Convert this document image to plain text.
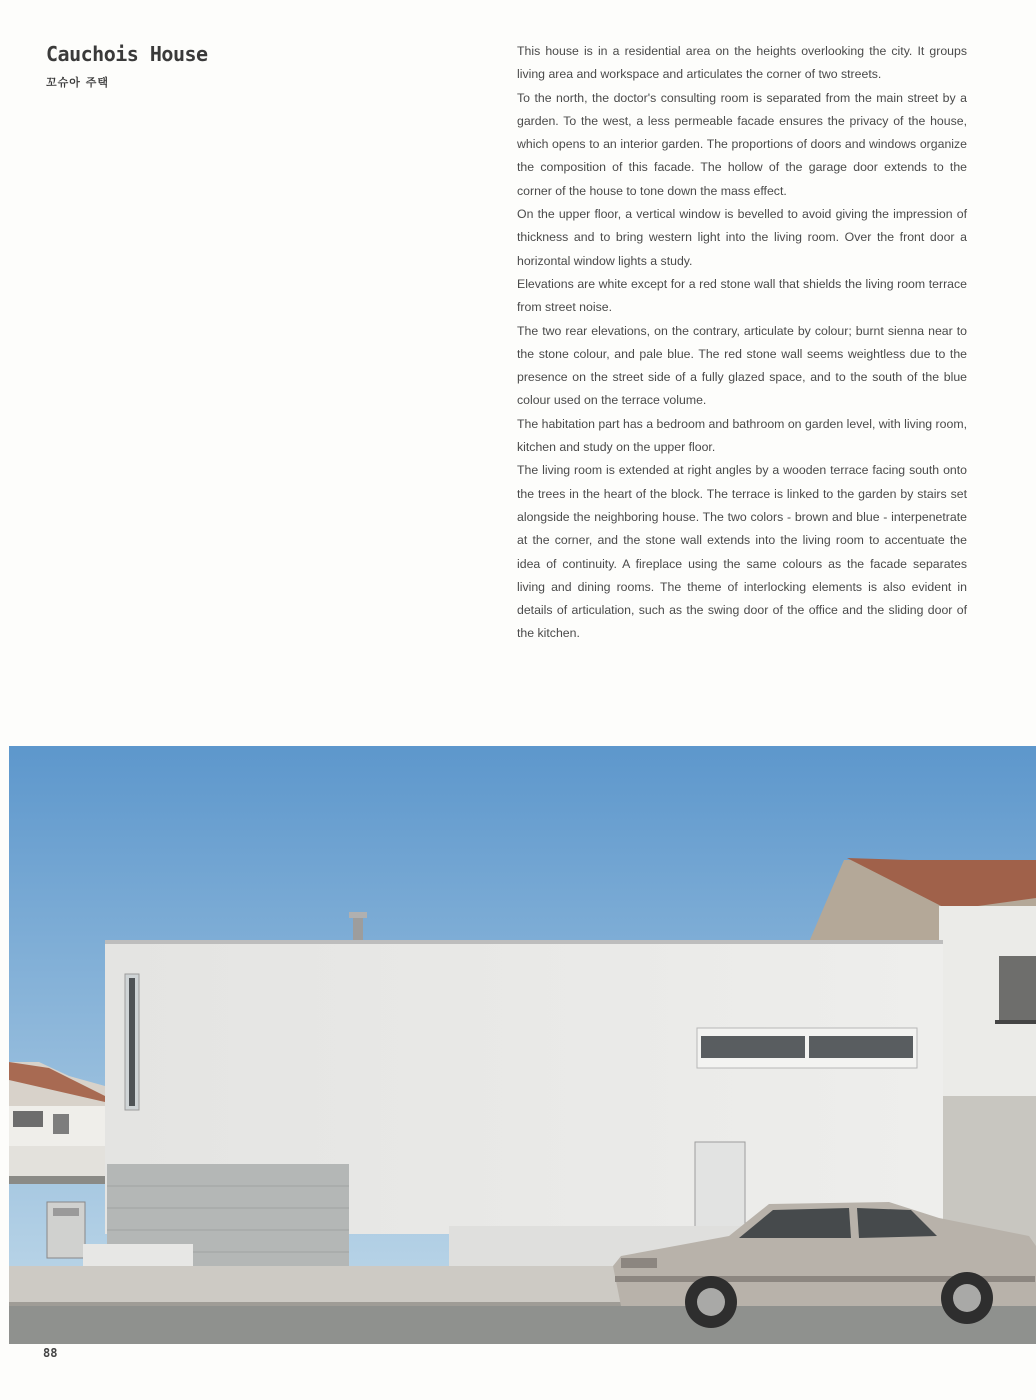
Cauchois House
꼬슈아 주택

This house is in a residential area on the heights overlooking the city. It groups living area and workspace and articulates the corner of two streets.

To the north, the doctor's consulting room is separated from the main street by a garden. To the west, a less permeable facade ensures the privacy of the house, which opens to an interior garden. The proportions of doors and windows organize the composition of this facade. The hollow of the garage door extends to the corner of the house to tone down the mass effect.

On the upper floor, a vertical window is bevelled to avoid giving the impression of thickness and to bring western light into the living room. Over the front door a horizontal window lights a study.

Elevations are white except for a red stone wall that shields the living room terrace from street noise.

The two rear elevations, on the contrary, articulate by colour; burnt sienna near to the stone colour, and pale blue. The red stone wall seems weightless due to the presence on the street side of a fully glazed space, and to the south of the blue colour used on the terrace volume.

The habitation part has a bedroom and bathroom on garden level, with living room, kitchen and study on the upper floor.

The living room is extended at right angles by a wooden terrace facing south onto the trees in the heart of the block. The terrace is linked to the garden by stairs set alongside the neighboring house. The two colors - brown and blue - interpenetrate at the corner, and the stone wall extends into the living room to accentuate the idea of continuity. A fireplace using the same colours as the facade separates living and dining rooms. The theme of interlocking elements is also evident in details of articulation, such as the swing door of the office and the sliding door of the kitchen.

88
